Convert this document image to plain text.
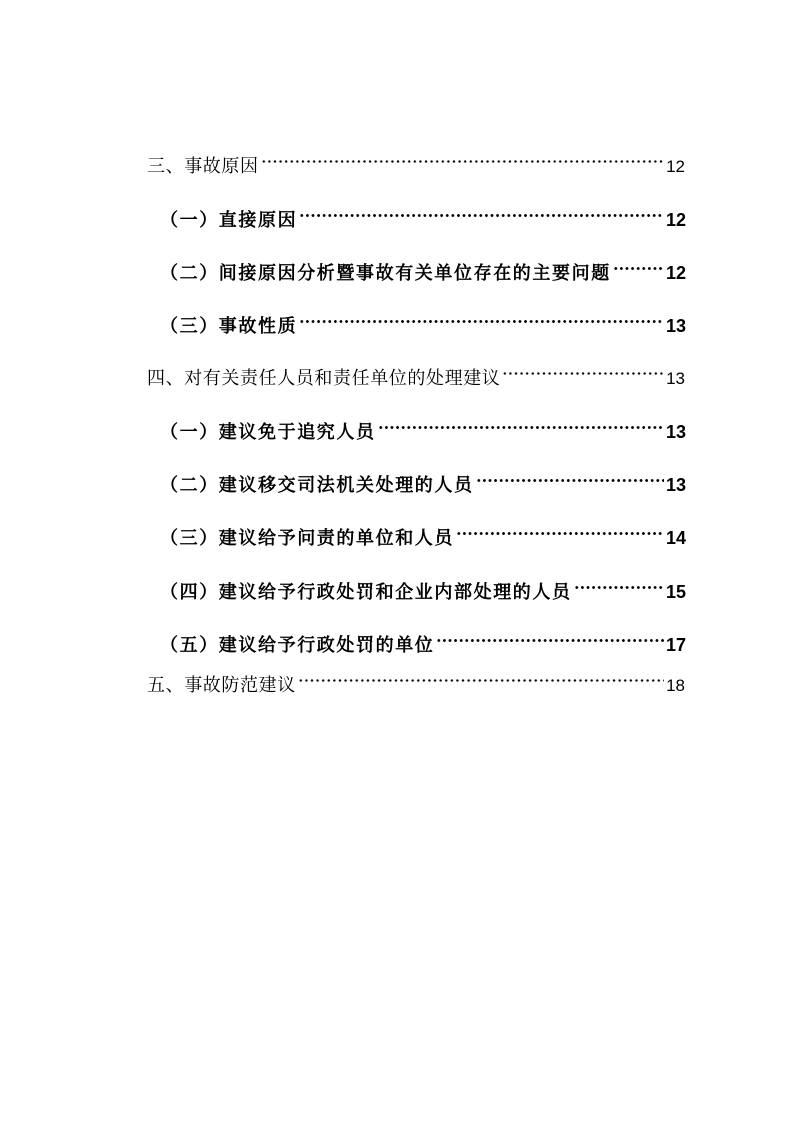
三、事故原因	12
（一）直接原因	12
（二）间接原因分析暨事故有关单位存在的主要问题	12
（三）事故性质	13
四、对有关责任人员和责任单位的处理建议	13
（一）建议免于追究人员	13
（二）建议移交司法机关处理的人员	13
（三）建议给予问责的单位和人员	14
（四）建议给予行政处罚和企业内部处理的人员	15
（五）建议给予行政处罚的单位	17
五、事故防范建议	18
